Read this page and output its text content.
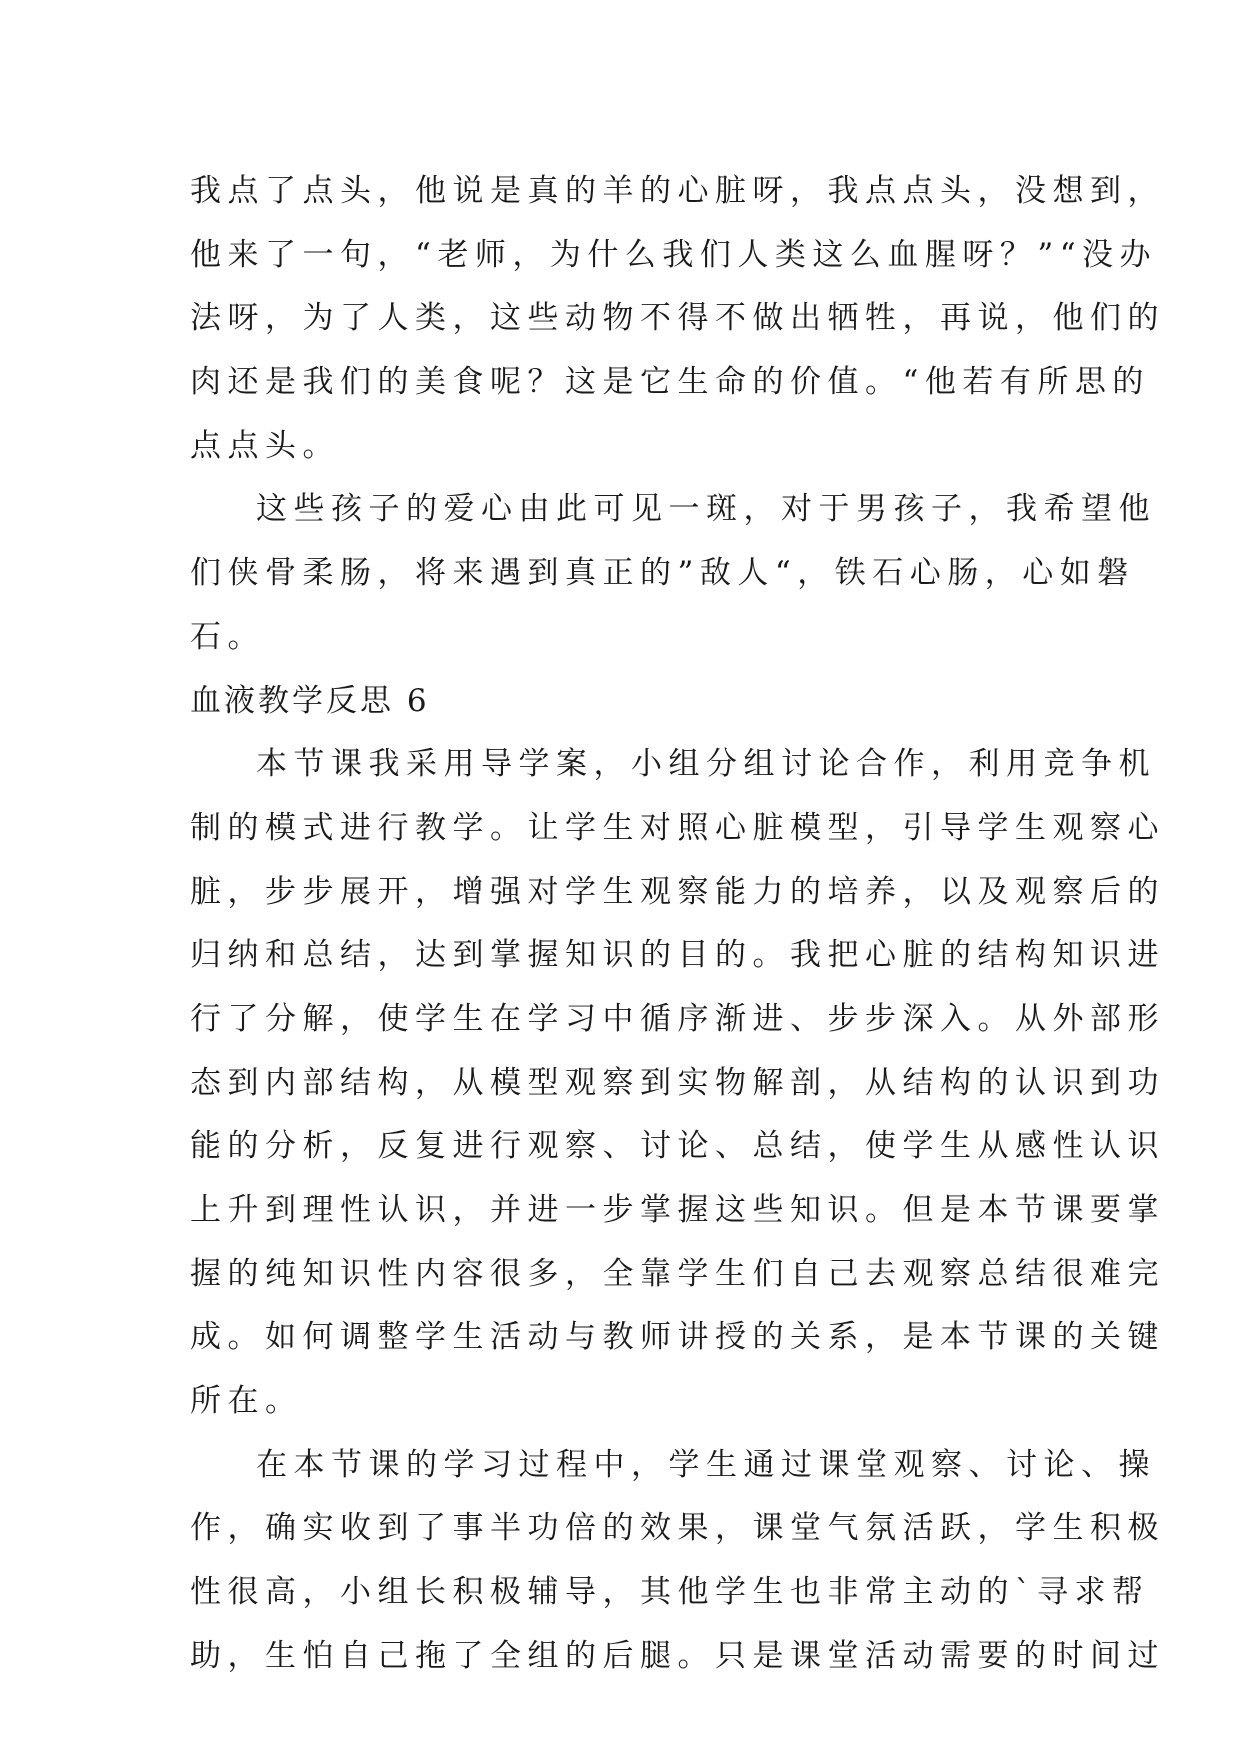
我点了点头，他说是真的羊的心脏呀，我点点头，没想到，
他来了一句，“老师，为什么我们人类这么血腥呀？”“没办
法呀，为了人类，这些动物不得不做出牺牲，再说，他们的
肉还是我们的美食呢？这是它生命的价值。“他若有所思的
点点头。
这些孩子的爱心由此可见一斑，对于男孩子，我希望他
们侠骨柔肠，将来遇到真正的”敌人“，铁石心肠，心如磐
石。
血液教学反思 6
本节课我采用导学案，小组分组讨论合作，利用竞争机
制的模式进行教学。让学生对照心脏模型，引导学生观察心
脏，步步展开，增强对学生观察能力的培养，以及观察后的
归纳和总结，达到掌握知识的目的。我把心脏的结构知识进
行了分解，使学生在学习中循序渐进、步步深入。从外部形
态到内部结构，从模型观察到实物解剖，从结构的认识到功
能的分析，反复进行观察、讨论、总结，使学生从感性认识
上升到理性认识，并进一步掌握这些知识。但是本节课要掌
握的纯知识性内容很多，全靠学生们自己去观察总结很难完
成。如何调整学生活动与教师讲授的关系，是本节课的关键
所在。
在本节课的学习过程中，学生通过课堂观察、讨论、操
作，确实收到了事半功倍的效果，课堂气氛活跃，学生积极
性很高，小组长积极辅导，其他学生也非常主动的`寻求帮
助，生怕自己拖了全组的后腿。只是课堂活动需要的时间过
